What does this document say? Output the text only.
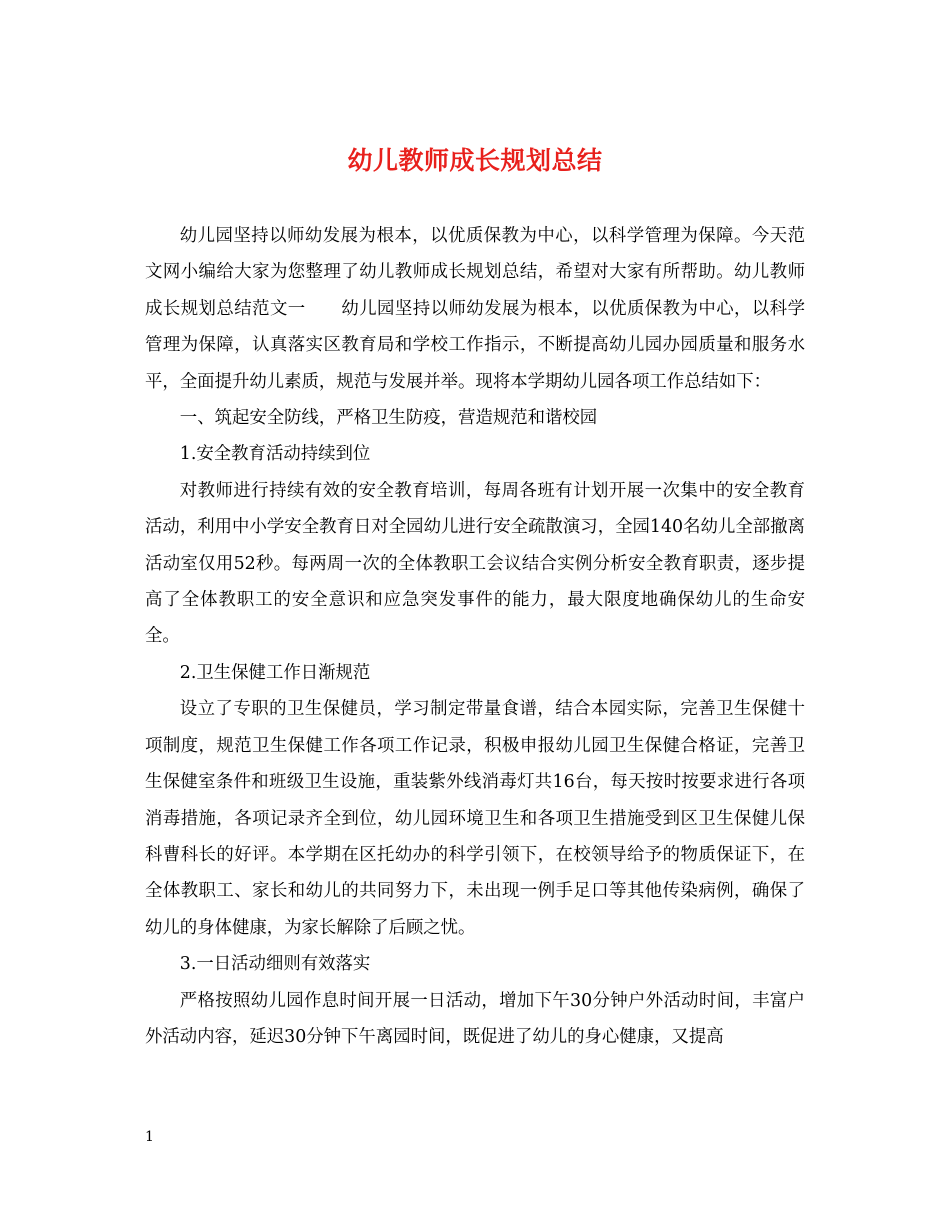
幼儿教师成长规划总结

幼儿园坚持以师幼发展为根本，以优质保教为中心，以科学管理为保障。今天范文网小编给大家为您整理了幼儿教师成长规划总结，希望对大家有所帮助。幼儿教师成长规划总结范文一　　幼儿园坚持以师幼发展为根本，以优质保教为中心，以科学管理为保障，认真落实区教育局和学校工作指示，不断提高幼儿园办园质量和服务水平，全面提升幼儿素质，规范与发展并举。现将本学期幼儿园各项工作总结如下：

一、筑起安全防线，严格卫生防疫，营造规范和谐校园

1.安全教育活动持续到位

对教师进行持续有效的安全教育培训，每周各班有计划开展一次集中的安全教育活动，利用中小学安全教育日对全园幼儿进行安全疏散演习，全园140名幼儿全部撤离活动室仅用52秒。每两周一次的全体教职工会议结合实例分析安全教育职责，逐步提高了全体教职工的安全意识和应急突发事件的能力，最大限度地确保幼儿的生命安全。

2.卫生保健工作日渐规范

设立了专职的卫生保健员，学习制定带量食谱，结合本园实际，完善卫生保健十项制度，规范卫生保健工作各项工作记录，积极申报幼儿园卫生保健合格证，完善卫生保健室条件和班级卫生设施，重装紫外线消毒灯共16台，每天按时按要求进行各项消毒措施，各项记录齐全到位，幼儿园环境卫生和各项卫生措施受到区卫生保健儿保科曹科长的好评。本学期在区托幼办的科学引领下，在校领导给予的物质保证下，在全体教职工、家长和幼儿的共同努力下，未出现一例手足口等其他传染病例，确保了幼儿的身体健康，为家长解除了后顾之忧。

3.一日活动细则有效落实

严格按照幼儿园作息时间开展一日活动，增加下午30分钟户外活动时间，丰富户外活动内容，延迟30分钟下午离园时间，既促进了幼儿的身心健康，又提高

1
